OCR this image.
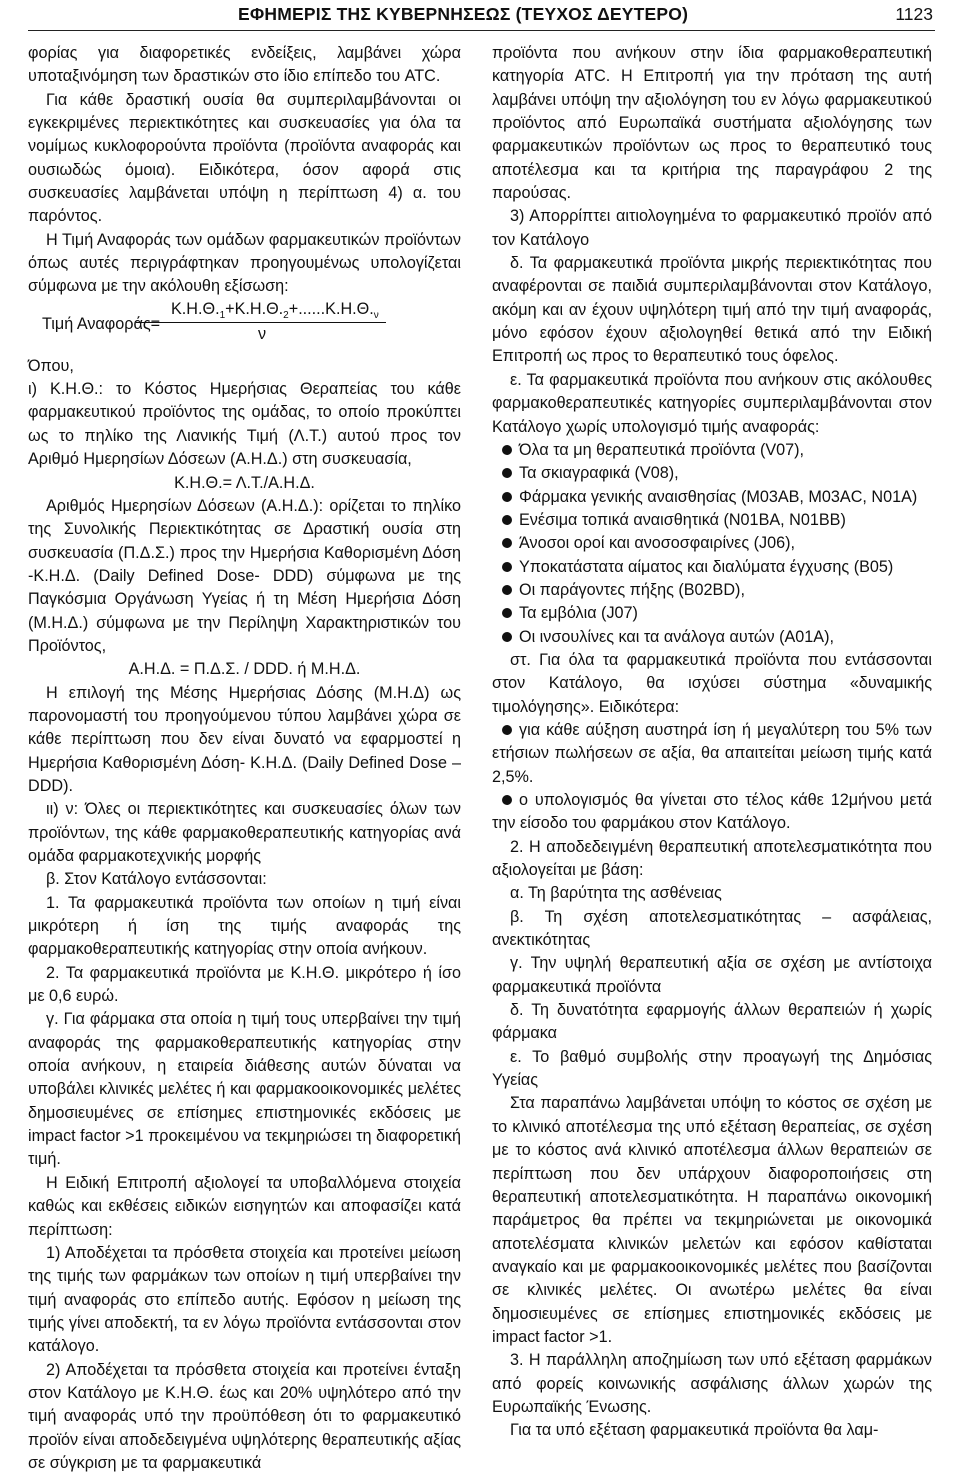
ΕΦΗΜΕΡΙΣ ΤΗΣ ΚΥΒΕΡΝΗΣΕΩΣ (ΤΕΥΧΟΣ ΔΕΥΤΕΡΟ)	1123

φορίας για διαφορετικές ενδείξεις, λαμβάνει χώρα υποταξινόμηση των δραστικών στο ίδιο επίπεδο του ATC.

Για κάθε δραστική ουσία θα συμπεριλαμβάνονται οι εγκεκριμένες περιεκτικότητες και συσκευασίες για όλα τα νομίμως κυκλοφορούντα προϊόντα (προϊόντα αναφοράς και ουσιωδώς όμοια). Ειδικότερα, όσον αφορά στις συσκευασίες λαμβάνεται υπόψη η περίπτωση 4) α. του παρόντος.

Η Τιμή Αναφοράς των ομάδων φαρμακευτικών προϊόντων όπως αυτές περιγράφτηκαν προηγουμένως υπολογίζεται σύμφωνα με την ακόλουθη εξίσωση:

Τιμή Αναφοράς=
$K.H.\Theta._1+K.H.\Theta._2+......K.H.\Theta._\nu$
ν

Όπου,

ι) Κ.Η.Θ.: το Κόστος Ημερήσιας Θεραπείας του κάθε φαρμακευτικού προϊόντος της ομάδας, το οποίο προκύπτει ως το πηλίκο της Λιανικής Τιμή (Λ.Τ.) αυτού προς τον Αριθμό Ημερησίων Δόσεων (Α.Η.Δ.) στη συσκευασία,

Κ.Η.Θ.= Λ.Τ./Α.Η.Δ.

Αριθμός Ημερησίων Δόσεων (Α.Η.Δ.): ορίζεται το πηλίκο της Συνολικής Περιεκτικότητας σε Δραστική ουσία στη συσκευασία (Π.Δ.Σ.) προς την Ημερήσια Καθορισμένη Δόση -Κ.Η.Δ. (Daily Defined Dose- DDD) σύμφωνα με της Παγκόσμια Οργάνωση Υγείας ή τη Μέση Ημερήσια Δόση (Μ.Η.Δ.) σύμφωνα με την Περίληψη Χαρακτηριστικών του Προϊόντος,

Α.Η.Δ. = Π.Δ.Σ. / DDD. ή Μ.Η.Δ.

Η επιλογή της Μέσης Ημερήσιας Δόσης (Μ.Η.Δ) ως παρονομαστή του προηγούμενου τύπου λαμβάνει χώρα σε κάθε περίπτωση που δεν είναι δυνατό να εφαρμοστεί η Ημερήσια Καθορισμένη Δόση- Κ.Η.Δ. (Daily Defined Dose –DDD).

ιι) ν: Όλες οι περιεκτικότητες και συσκευασίες όλων των προϊόντων, της κάθε φαρμακοθεραπευτικής κατηγορίας ανά ομάδα φαρμακοτεχνικής μορφής

β. Στον Κατάλογο εντάσσονται:

1. Τα φαρμακευτικά προϊόντα των οποίων η τιμή είναι μικρότερη ή ίση της τιμής αναφοράς της φαρμακοθεραπευτικής κατηγορίας στην οποία ανήκουν.

2. Τα φαρμακευτικά προϊόντα με Κ.Η.Θ. μικρότερο ή ίσο με 0,6 ευρώ.

γ. Για φάρμακα στα οποία η τιμή τους υπερβαίνει την τιμή αναφοράς της φαρμακοθεραπευτικής κατηγορίας στην οποία ανήκουν, η εταιρεία διάθεσης αυτών δύναται να υποβάλει κλινικές μελέτες ή και φαρμακοοικονομικές μελέτες δημοσιευμένες σε επίσημες επιστημονικές εκδόσεις με impact factor >1 προκειμένου να τεκμηριώσει τη διαφορετική τιμή.

Η Ειδική Επιτροπή αξιολογεί τα υποβαλλόμενα στοιχεία καθώς και εκθέσεις ειδικών εισηγητών και αποφασίζει κατά περίπτωση:

1) Αποδέχεται τα πρόσθετα στοιχεία και προτείνει μείωση της τιμής των φαρμάκων των οποίων η τιμή υπερβαίνει την τιμή αναφοράς στο επίπεδο αυτής. Εφόσον η μείωση της τιμής γίνει αποδεκτή, τα εν λόγω προϊόντα εντάσσονται στον κατάλογο.

2) Αποδέχεται τα πρόσθετα στοιχεία και προτείνει ένταξη στον Κατάλογο με Κ.Η.Θ. έως και 20% υψηλότερο από την τιμή αναφοράς υπό την προϋπόθεση ότι το φαρμακευτικό προϊόν είναι αποδεδειγμένα υψηλότερης θεραπευτικής αξίας σε σύγκριση με τα φαρμακευτικά

προϊόντα που ανήκουν στην ίδια φαρμακοθεραπευτική κατηγορία ATC. Η Επιτροπή για την πρόταση της αυτή λαμβάνει υπόψη την αξιολόγηση του εν λόγω φαρμακευτικού προϊόντος από Ευρωπαϊκά συστήματα αξιολόγησης των φαρμακευτικών προϊόντων ως προς το θεραπευτικό τους αποτέλεσμα και τα κριτήρια της παραγράφου 2 της παρούσας.

3) Απορρίπτει αιτιολογημένα το φαρμακευτικό προϊόν από τον Κατάλογο

δ. Τα φαρμακευτικά προϊόντα μικρής περιεκτικότητας που αναφέρονται σε παιδιά συμπεριλαμβάνονται στον Κατάλογο, ακόμη και αν έχουν υψηλότερη τιμή από την τιμή αναφοράς, μόνο εφόσον έχουν αξιολογηθεί θετικά από την Ειδική Επιτροπή ως προς το θεραπευτικό τους όφελος.

ε. Τα φαρμακευτικά προϊόντα που ανήκουν στις ακόλουθες φαρμακοθεραπευτικές κατηγορίες συμπεριλαμβάνονται στον Κατάλογο χωρίς υπολογισμό τιμής αναφοράς:

Όλα τα μη θεραπευτικά προϊόντα (V07),

Τα σκιαγραφικά (V08),

Φάρμακα γενικής αναισθησίας (M03AB, M03AC, N01A)

Ενέσιμα τοπικά αναισθητικά (N01BA, N01BB)

Άνοσοι οροί και ανοσοσφαιρίνες (J06),

Υποκατάστατα αίματος και διαλύματα έγχυσης (B05)

Οι παράγοντες πήξης (B02BD),

Τα εμβόλια (J07)

Οι ινσουλίνες και τα ανάλογα αυτών (A01A),

στ. Για όλα τα φαρμακευτικά προϊόντα που εντάσσονται στον Κατάλογο, θα ισχύσει σύστημα «δυναμικής τιμολόγησης». Ειδικότερα:

για κάθε αύξηση αυστηρά ίση ή μεγαλύτερη του 5% των ετήσιων πωλήσεων σε αξία, θα απαιτείται μείωση τιμής κατά 2,5%.

ο υπολογισμός θα γίνεται στο τέλος κάθε 12μήνου μετά την είσοδο του φαρμάκου στον Κατάλογο.

2. Η αποδεδειγμένη θεραπευτική αποτελεσματικότητα που αξιολογείται με βάση:

α. Τη βαρύτητα της ασθένειας

β. Τη σχέση αποτελεσματικότητας – ασφάλειας, ανεκτικότητας

γ. Την υψηλή θεραπευτική αξία σε σχέση με αντίστοιχα φαρμακευτικά προϊόντα

δ. Τη δυνατότητα εφαρμογής άλλων θεραπειών ή χωρίς φάρμακα

ε. Το βαθμό συμβολής στην προαγωγή της Δημόσιας Υγείας

Στα παραπάνω λαμβάνεται υπόψη το κόστος σε σχέση με το κλινικό αποτέλεσμα της υπό εξέταση θεραπείας, σε σχέση με το κόστος ανά κλινικό αποτέλεσμα άλλων θεραπειών σε περίπτωση που δεν υπάρχουν διαφορoποιήσεις στη θεραπευτική αποτελεσματικότητα. Η παραπάνω οικονομική παράμετρος θα πρέπει να τεκμηριώνεται με οικονομικά αποτελέσματα κλινικών μελετών και εφόσον καθίσταται αναγκαίο και με φαρμακοοικονομικές μελέτες που βασίζονται σε κλινικές μελέτες. Οι ανωτέρω μελέτες θα είναι δημοσιευμένες σε επίσημες επιστημονικές εκδόσεις με impact factor >1.

3. Η παράλληλη αποζημίωση των υπό εξέταση φαρμάκων από φορείς κοινωνικής ασφάλισης άλλων χωρών της Ευρωπαϊκής Ένωσης.

Για τα υπό εξέταση φαρμακευτικά προϊόντα θα λαμ-
